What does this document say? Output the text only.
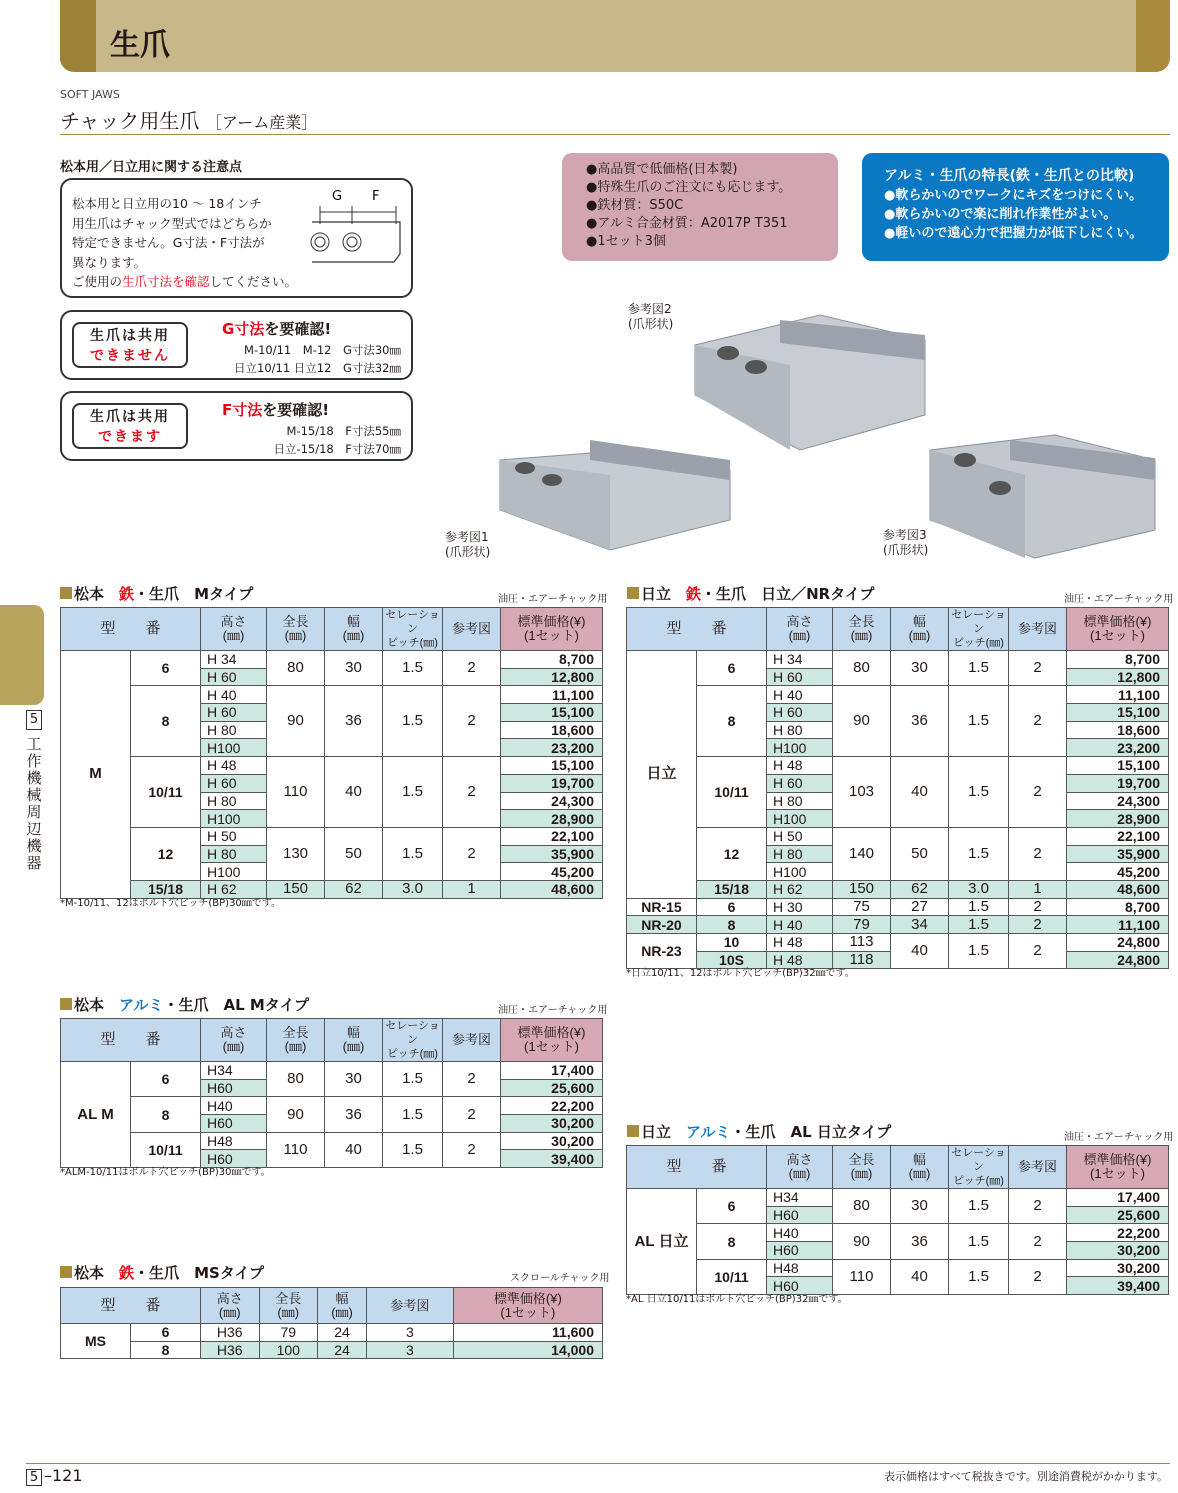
生爪
SOFT JAWS
チャック用生爪 ［アーム産業］
松本用／日立用に関する注意点
松本用と日立用の10 ～ 18インチ
用生爪はチャック型式ではどちらか
特定できません。G寸法・F寸法が
異なります。
ご使用の生爪寸法を確認してください。
G F
生爪は共用
できません
G寸法を要確認!
M-10/11　M-12　G寸法30㎜
日立10/11 日立12　G寸法32㎜
生爪は共用
できます
F寸法を要確認!
M-15/18　F寸法55㎜
日立-15/18　F寸法70㎜
●高品質で低価格(日本製)
●特殊生爪のご注文にも応じます。
●鉄材質：S50C
●アルミ合金材質：A2017P T351
●1セット3個
アルミ・生爪の特長(鉄・生爪との比較)
●軟らかいのでワークにキズをつけにくい。
●軟らかいので楽に削れ作業性がよい。
●軽いので遠心力で把握力が低下しにくい。
参考図1
(爪形状)
参考図2
(爪形状)
参考図3
(爪形状)
5
工作機械周辺機器
松本　 鉄・生爪　 Mタイプ	油圧・エアーチャック用	日立　 鉄・生爪　 日立／NRタイプ	油圧・エアーチャック用
松本　 アルミ・生爪　 AL Mタイプ	油圧・エアーチャック用
日立　 アルミ・生爪　 AL 日立タイプ	油圧・エアーチャック用
松本　 鉄・生爪　 MSタイプ	スクロールチャック用
型　　番		高さ
(㎜)	全長
(㎜)	幅
(㎜)	セレーション
ピッチ(㎜)	参考図	標準価格(¥)
(1セット)
M	6	H 34	80	30	1.5	2	8,700
		H 60					12,800
	8	H 40	90	36	1.5	2	11,100
		H 60					15,100
		H 80					18,600
		H100					23,200
	10/11	H 48	110	40	1.5	2	15,100
		H 60					19,700
		H 80					24,300
		H100					28,900
	12	H 50	130	50	1.5	2	22,100
		H 80					35,900
		H100					45,200
	15/18	H 62	150	62	3.0	1	48,600
*M-10/11、12はボルト穴ピッチ(BP)30㎜です。
型　　番		高さ
(㎜)	全長
(㎜)	幅
(㎜)	セレーション
ピッチ(㎜)	参考図	標準価格(¥)
(1セット)
日立	6	H 34	80	30	1.5	2	8,700
		H 60					12,800
	8	H 40	90	36	1.5	2	11,100
		H 60					15,100
		H 80					18,600
		H100					23,200
	10/11	H 48	103	40	1.5	2	15,100
		H 60					19,700
		H 80					24,300
		H100					28,900
	12	H 50	140	50	1.5	2	22,100
		H 80					35,900
		H100					45,200
	15/18	H 62	150	62	3.0	1	48,600
NR-15	6	H 30	75	27	1.5	2	8,700
NR-20	8	H 40	79	34	1.5	2	11,100
NR-23	10	H 48	113	40	1.5	2	24,800
	10S	H 48	118				24,800
*日立10/11、12はボルト穴ピッチ(BP)32㎜です。
型　　番		高さ
(㎜)	全長
(㎜)	幅
(㎜)	セレーション
ピッチ(㎜)	参考図	標準価格(¥)
(1セット)
AL M	6	H34	80	30	1.5	2	17,400
		H60					25,600
	8	H40	90	36	1.5	2	22,200
		H60					30,200
	10/11	H48	110	40	1.5	2	30,200
		H60					39,400
*ALM-10/11はボルト穴ピッチ(BP)30㎜です。	型　　番		高さ
(㎜)	全長
(㎜)	幅
(㎜)	セレーション
ピッチ(㎜)	参考図	標準価格(¥)
(1セット)
AL 日立	6	H34	80	30	1.5	2	17,400
		H60					25,600
	8	H40	90	36	1.5	2	22,200
		H60					30,200
	10/11	H48	110	40	1.5	2	30,200
		H60					39,400
*AL 日立10/11はボルト穴ピッチ(BP)32㎜です。
型　　番		高さ
(㎜)	全長
(㎜)	幅
(㎜)	参考図	標準価格(¥)
(1セット)
MS	6	H36	79	24	3	11,600
	8	H36	100	24	3	14,000
5 –121	表示価格はすべて税抜きです。別途消費税がかかります。
